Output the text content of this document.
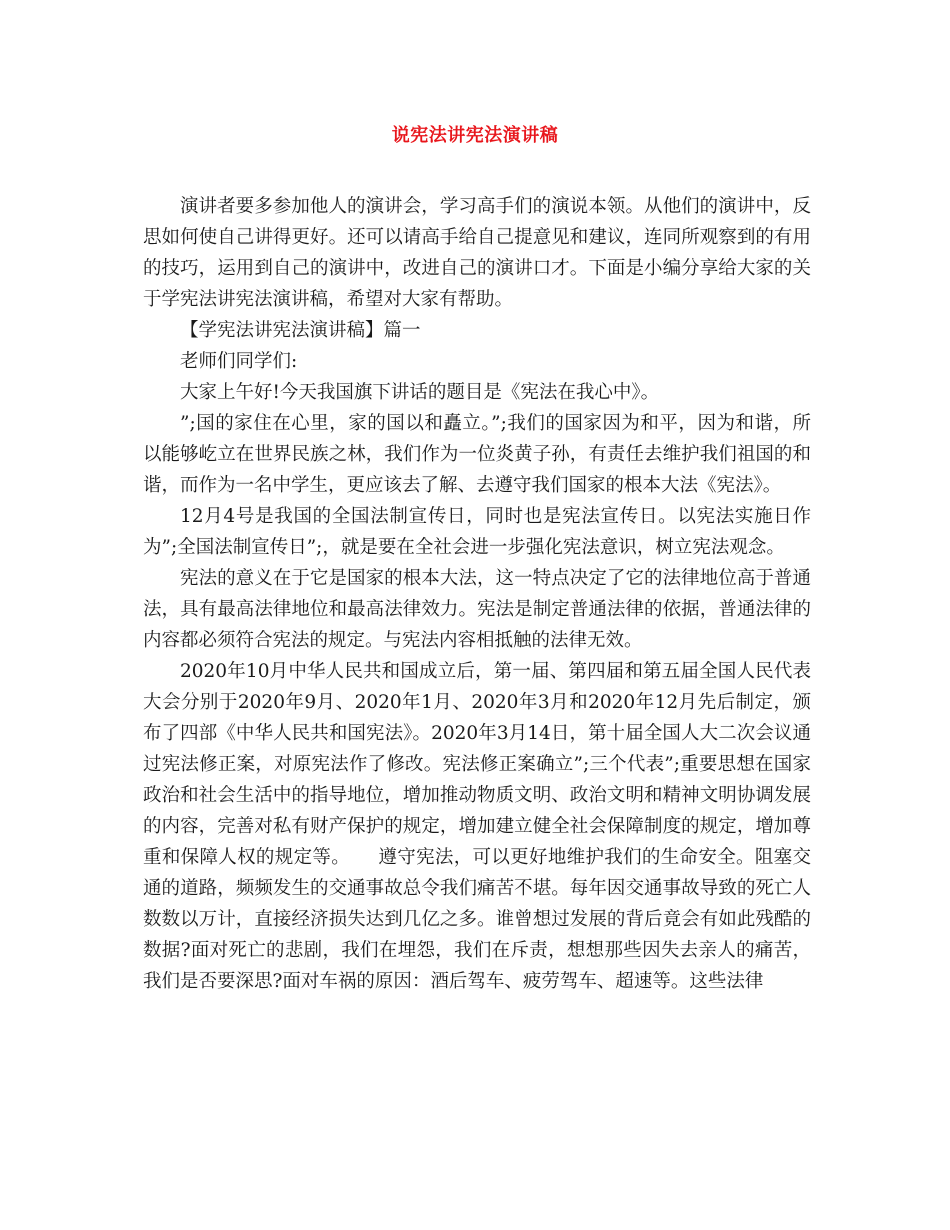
说宪法讲宪法演讲稿

演讲者要多参加他人的演讲会，学习高手们的演说本领。从他们的演讲中，反思如何使自己讲得更好。还可以请高手给自己提意见和建议，连同所观察到的有用的技巧，运用到自己的演讲中，改进自己的演讲口才。下面是小编分享给大家的关于学宪法讲宪法演讲稿，希望对大家有帮助。

【学宪法讲宪法演讲稿】篇一

老师们同学们:

大家上午好!今天我国旗下讲话的题目是《宪法在我心中》。

”;国的家住在心里，家的国以和矗立。”;我们的国家因为和平，因为和谐，所以能够屹立在世界民族之林，我们作为一位炎黄子孙，有责任去维护我们祖国的和谐，而作为一名中学生，更应该去了解、去遵守我们国家的根本大法《宪法》。

12月4号是我国的全国法制宣传日，同时也是宪法宣传日。以宪法实施日作为”;全国法制宣传日”;，就是要在全社会进一步强化宪法意识，树立宪法观念。

宪法的意义在于它是国家的根本大法，这一特点决定了它的法律地位高于普通法，具有最高法律地位和最高法律效力。宪法是制定普通法律的依据，普通法律的内容都必须符合宪法的规定。与宪法内容相抵触的法律无效。

2020年10月中华人民共和国成立后，第一届、第四届和第五届全国人民代表大会分别于2020年9月、2020年1月、2020年3月和2020年12月先后制定，颁布了四部《中华人民共和国宪法》。2020年3月14日，第十届全国人大二次会议通过宪法修正案，对原宪法作了修改。宪法修正案确立”;三个代表”;重要思想在国家政治和社会生活中的指导地位，增加推动物质文明、政治文明和精神文明协调发展的内容，完善对私有财产保护的规定，增加建立健全社会保障制度的规定，增加尊重和保障人权的规定等。　　遵守宪法，可以更好地维护我们的生命安全。阻塞交通的道路，频频发生的交通事故总令我们痛苦不堪。每年因交通事故导致的死亡人数数以万计，直接经济损失达到几亿之多。谁曾想过发展的背后竟会有如此残酷的数据?面对死亡的悲剧，我们在埋怨，我们在斥责，想想那些因失去亲人的痛苦，我们是否要深思?面对车祸的原因：酒后驾车、疲劳驾车、超速等。这些法律
